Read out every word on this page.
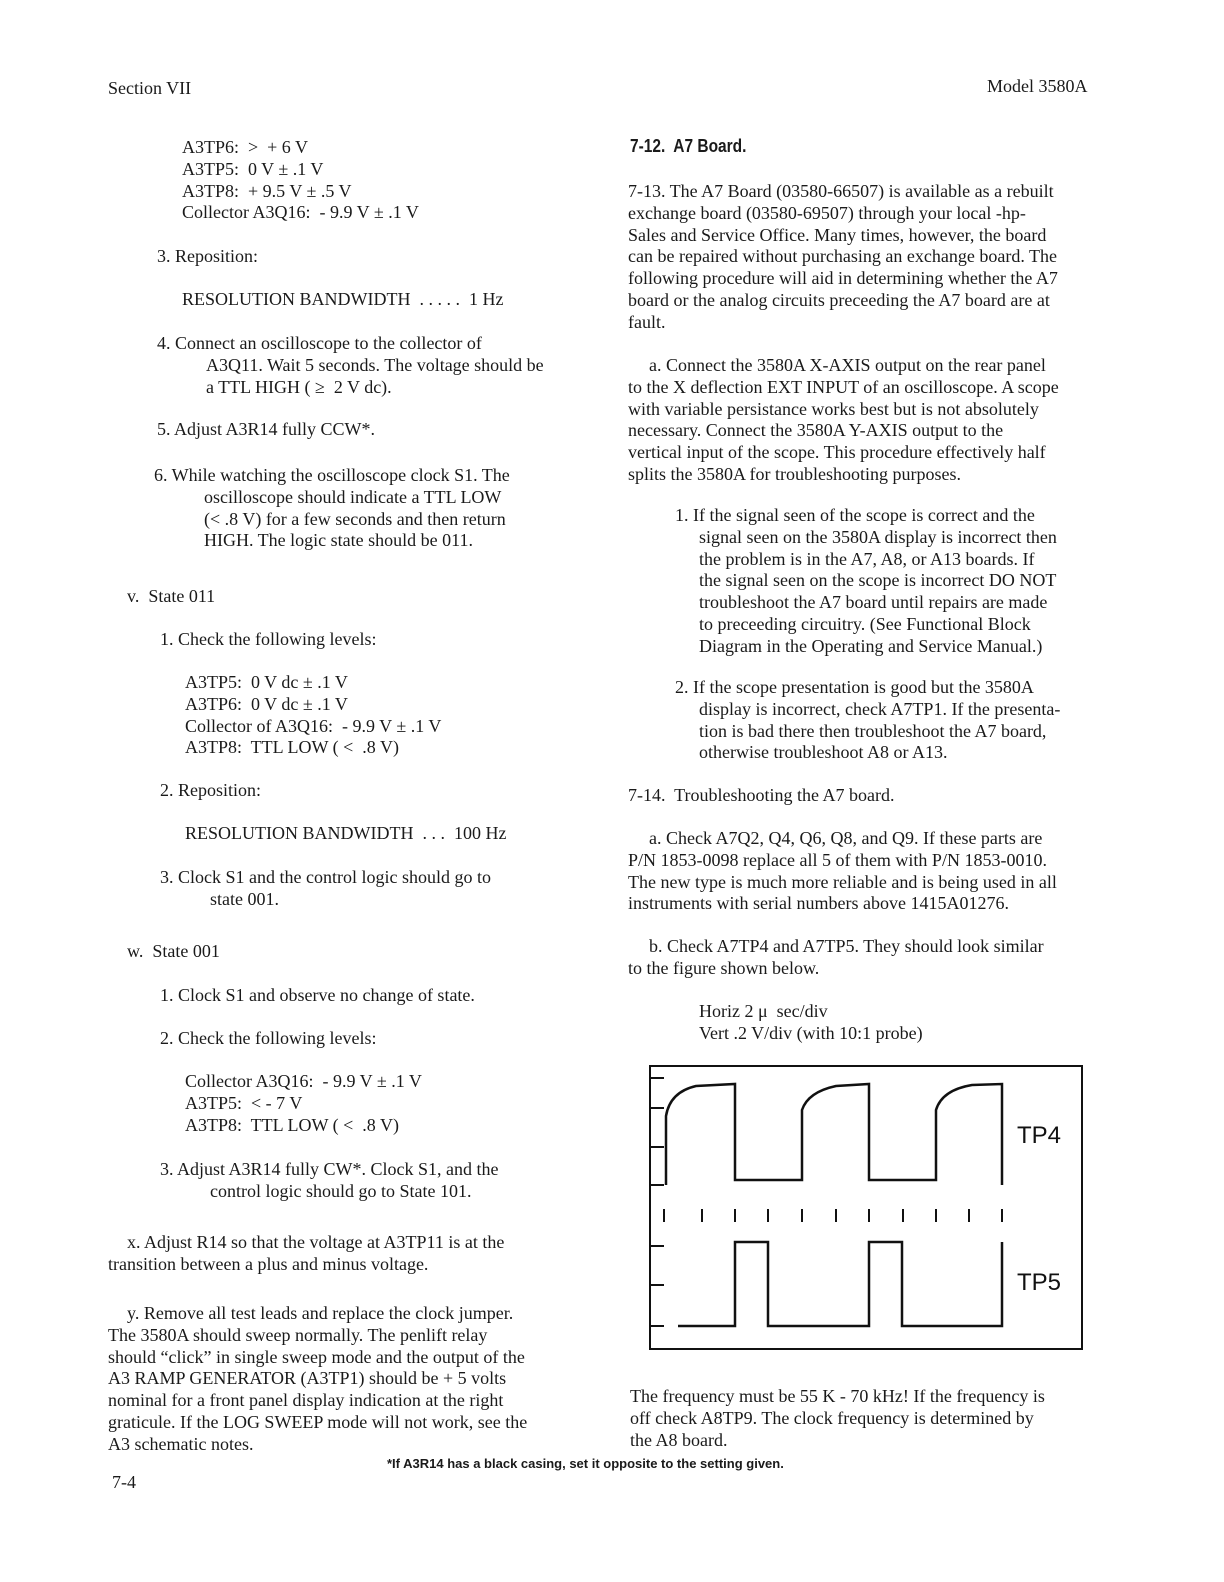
Section VII	Model 3580A
A3TP6:  >  + 6 V
A3TP5:  0 V ± .1 V
A3TP8:  + 9.5 V ± .5 V
Collector A3Q16:  - 9.9 V ± .1 V
3. Reposition:
RESOLUTION BANDWIDTH  . . . . .  1 Hz
4. Connect an oscilloscope to the collector of
A3Q11. Wait 5 seconds. The voltage should be
a TTL HIGH ( ≥  2 V dc).
5. Adjust A3R14 fully CCW*.
6. While watching the oscilloscope clock S1. The
oscilloscope should indicate a TTL LOW
(< .8 V) for a few seconds and then return
HIGH. The logic state should be 011.
v.  State 011
1. Check the following levels:
A3TP5:  0 V dc ± .1 V
A3TP6:  0 V dc ± .1 V
Collector of A3Q16:  - 9.9 V ± .1 V
A3TP8:  TTL LOW ( <  .8 V)
2. Reposition:
RESOLUTION BANDWIDTH  . . .  100 Hz
3. Clock S1 and the control logic should go to
state 001.
w.  State 001
1. Clock S1 and observe no change of state.
2. Check the following levels:
Collector A3Q16:  - 9.9 V ± .1 V
A3TP5:  < - 7 V
A3TP8:  TTL LOW ( <  .8 V)
3. Adjust A3R14 fully CW*. Clock S1, and the
control logic should go to State 101.
x. Adjust R14 so that the voltage at A3TP11 is at the
transition between a plus and minus voltage.
y. Remove all test leads and replace the clock jumper.
The 3580A should sweep normally. The penlift relay
should “click” in single sweep mode and the output of the
A3 RAMP GENERATOR (A3TP1) should be + 5 volts
nominal for a front panel display indication at the right
graticule. If the LOG SWEEP mode will not work, see the
A3 schematic notes.
7-12.  A7 Board.
7-13. The A7 Board (03580-66507) is available as a rebuilt
exchange board (03580-69507) through your local -hp-
Sales and Service Office. Many times, however, the board
can be repaired without purchasing an exchange board. The
following procedure will aid in determining whether the A7
board or the analog circuits preceeding the A7 board are at
fault.
a. Connect the 3580A X-AXIS output on the rear panel
to the X deflection EXT INPUT of an oscilloscope. A scope
with variable persistance works best but is not absolutely
necessary. Connect the 3580A Y-AXIS output to the
vertical input of the scope. This procedure effectively half
splits the 3580A for troubleshooting purposes.
1. If the signal seen of the scope is correct and the
signal seen on the 3580A display is incorrect then
the problem is in the A7, A8, or A13 boards. If
the signal seen on the scope is incorrect DO NOT
troubleshoot the A7 board until repairs are made
to preceeding circuitry. (See Functional Block
Diagram in the Operating and Service Manual.)
2. If the scope presentation is good but the 3580A
display is incorrect, check A7TP1. If the presenta-
tion is bad there then troubleshoot the A7 board,
otherwise troubleshoot A8 or A13.
7-14.  Troubleshooting the A7 board.
a. Check A7Q2, Q4, Q6, Q8, and Q9. If these parts are
P/N 1853-0098 replace all 5 of them with P/N 1853-0010.
The new type is much more reliable and is being used in all
instruments with serial numbers above 1415A01276.
b. Check A7TP4 and A7TP5. They should look similar
to the figure shown below.
Horiz 2 μ  sec/div
Vert .2 V/div (with 10:1 probe)
TP4
TP5
The frequency must be 55 K - 70 kHz! If the frequency is
off check A8TP9. The clock frequency is determined by
the A8 board.
*If A3R14 has a black casing, set it opposite to the setting given.
7-4
